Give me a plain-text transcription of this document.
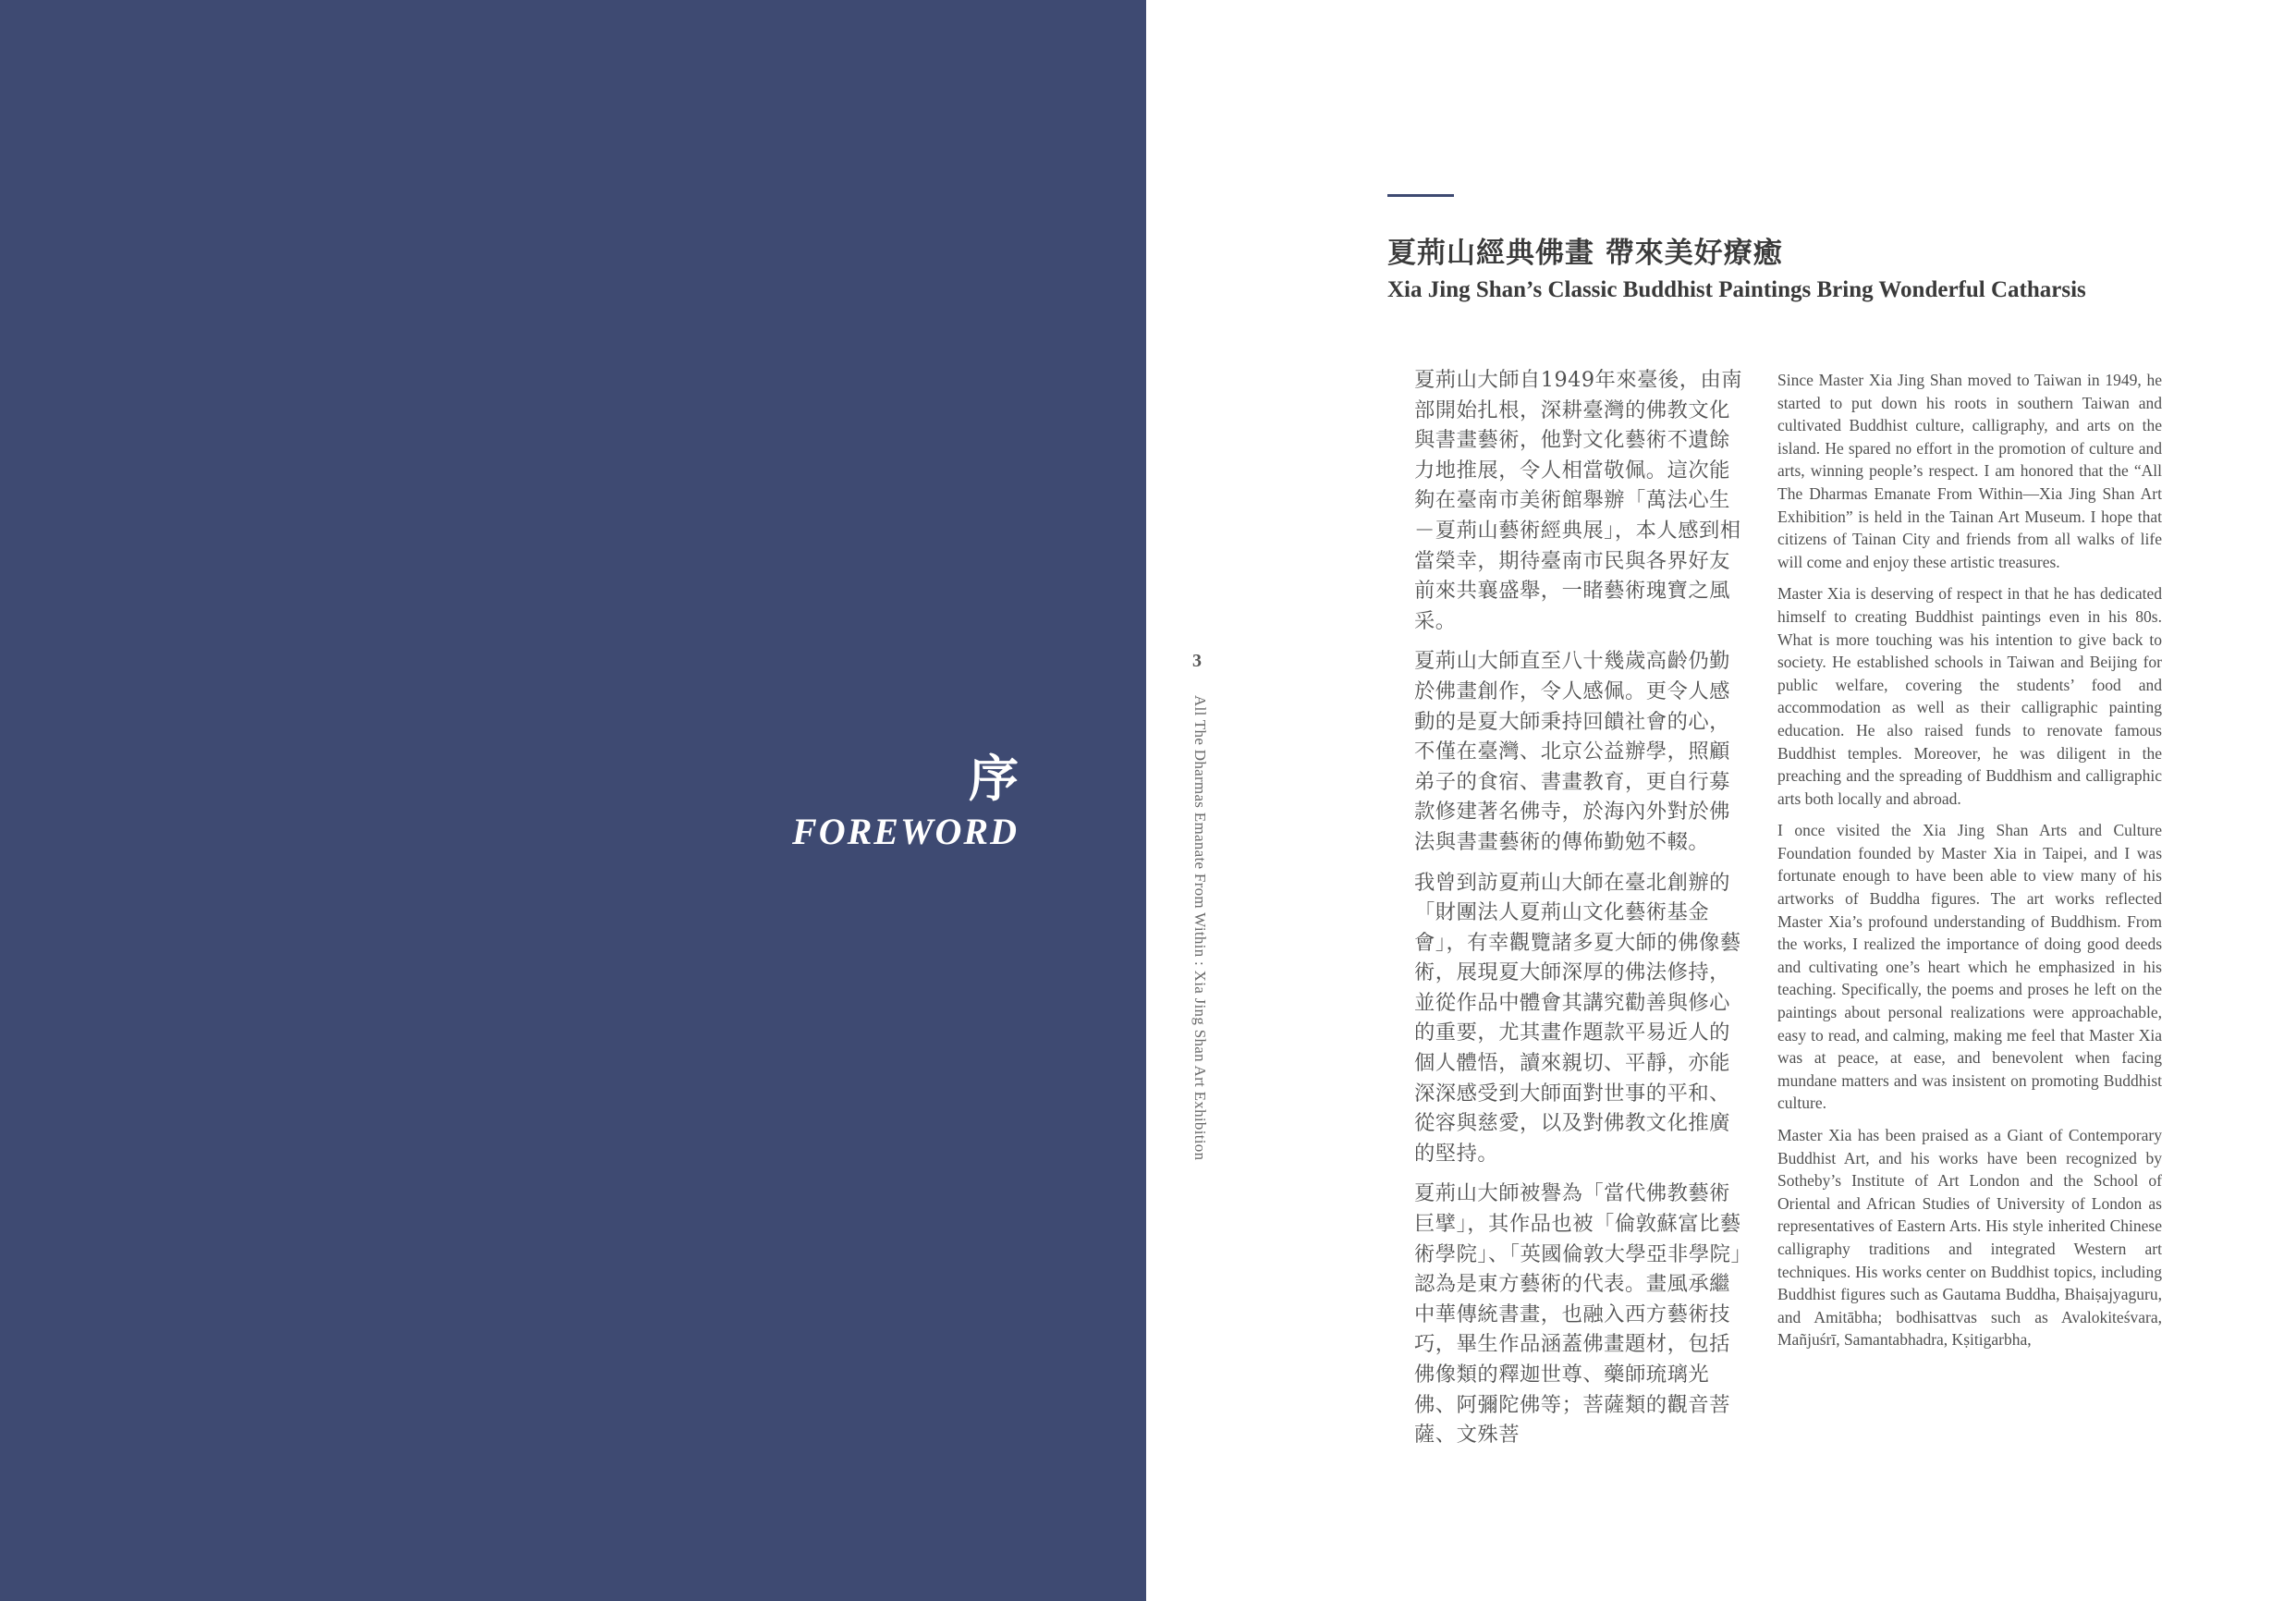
序
FOREWORD
3
All The Dharmas Emanate From Within : Xia Jing Shan Art Exhibition
夏荊山經典佛畫 帶來美好療癒
Xia Jing Shan’s Classic Buddhist Paintings Bring Wonderful Catharsis

夏荊山大師自1949年來臺後，由南部開始扎根，深耕臺灣的佛教文化與書畫藝術，他對文化藝術不遺餘力地推展，令人相當敬佩。這次能夠在臺南市美術館舉辦「萬法心生－夏荊山藝術經典展」，本人感到相當榮幸，期待臺南市民與各界好友前來共襄盛舉，一睹藝術瑰寶之風采。

夏荊山大師直至八十幾歲高齡仍勤於佛畫創作，令人感佩。更令人感動的是夏大師秉持回饋社會的心，不僅在臺灣、北京公益辦學，照顧弟子的食宿、書畫教育，更自行募款修建著名佛寺，於海內外對於佛法與書畫藝術的傳佈勤勉不輟。

我曾到訪夏荊山大師在臺北創辦的「財團法人夏荊山文化藝術基金會」，有幸觀覽諸多夏大師的佛像藝術，展現夏大師深厚的佛法修持，並從作品中體會其講究勸善與修心的重要，尤其畫作題款平易近人的個人體悟，讀來親切、平靜，亦能深深感受到大師面對世事的平和、從容與慈愛，以及對佛教文化推廣的堅持。

夏荊山大師被譽為「當代佛教藝術巨擘」，其作品也被「倫敦蘇富比藝術學院」、「英國倫敦大學亞非學院」認為是東方藝術的代表。畫風承繼中華傳統書畫，也融入西方藝術技巧，畢生作品涵蓋佛畫題材，包括佛像類的釋迦世尊、藥師琉璃光佛、阿彌陀佛等；菩薩類的觀音菩薩、文殊菩

Since Master Xia Jing Shan moved to Taiwan in 1949, he started to put down his roots in southern Taiwan and cultivated Buddhist culture, calligraphy, and arts on the island. He spared no effort in the promotion of culture and arts, winning people’s respect. I am honored that the “All The Dharmas Emanate From Within—Xia Jing Shan Art Exhibition” is held in the Tainan Art Museum. I hope that citizens of Tainan City and friends from all walks of life will come and enjoy these artistic treasures.

Master Xia is deserving of respect in that he has dedicated himself to creating Buddhist paintings even in his 80s. What is more touching was his intention to give back to society. He established schools in Taiwan and Beijing for public welfare, covering the students’ food and accommodation as well as their calligraphic painting education. He also raised funds to renovate famous Buddhist temples. Moreover, he was diligent in the preaching and the spreading of Buddhism and calligraphic arts both locally and abroad.

I once visited the Xia Jing Shan Arts and Culture Foundation founded by Master Xia in Taipei, and I was fortunate enough to have been able to view many of his artworks of Buddha figures. The art works reflected Master Xia’s profound understanding of Buddhism. From the works, I realized the importance of doing good deeds and cultivating one’s heart which he emphasized in his teaching. Specifically, the poems and proses he left on the paintings about personal realizations were approachable, easy to read, and calming, making me feel that Master Xia was at peace, at ease, and benevolent when facing mundane matters and was insistent on promoting Buddhist culture.

Master Xia has been praised as a Giant of Contemporary Buddhist Art, and his works have been recognized by Sotheby’s Institute of Art London and the School of Oriental and African Studies of University of London as representatives of Eastern Arts. His style inherited Chinese calligraphy traditions and integrated Western art techniques. His works center on Buddhist topics, including Buddhist figures such as Gautama Buddha, Bhaiṣajyaguru, and Amitābha; bodhisattvas such as Avalokiteśvara, Mañjuśrī, Samantabhadra, Kṣitigarbha,
